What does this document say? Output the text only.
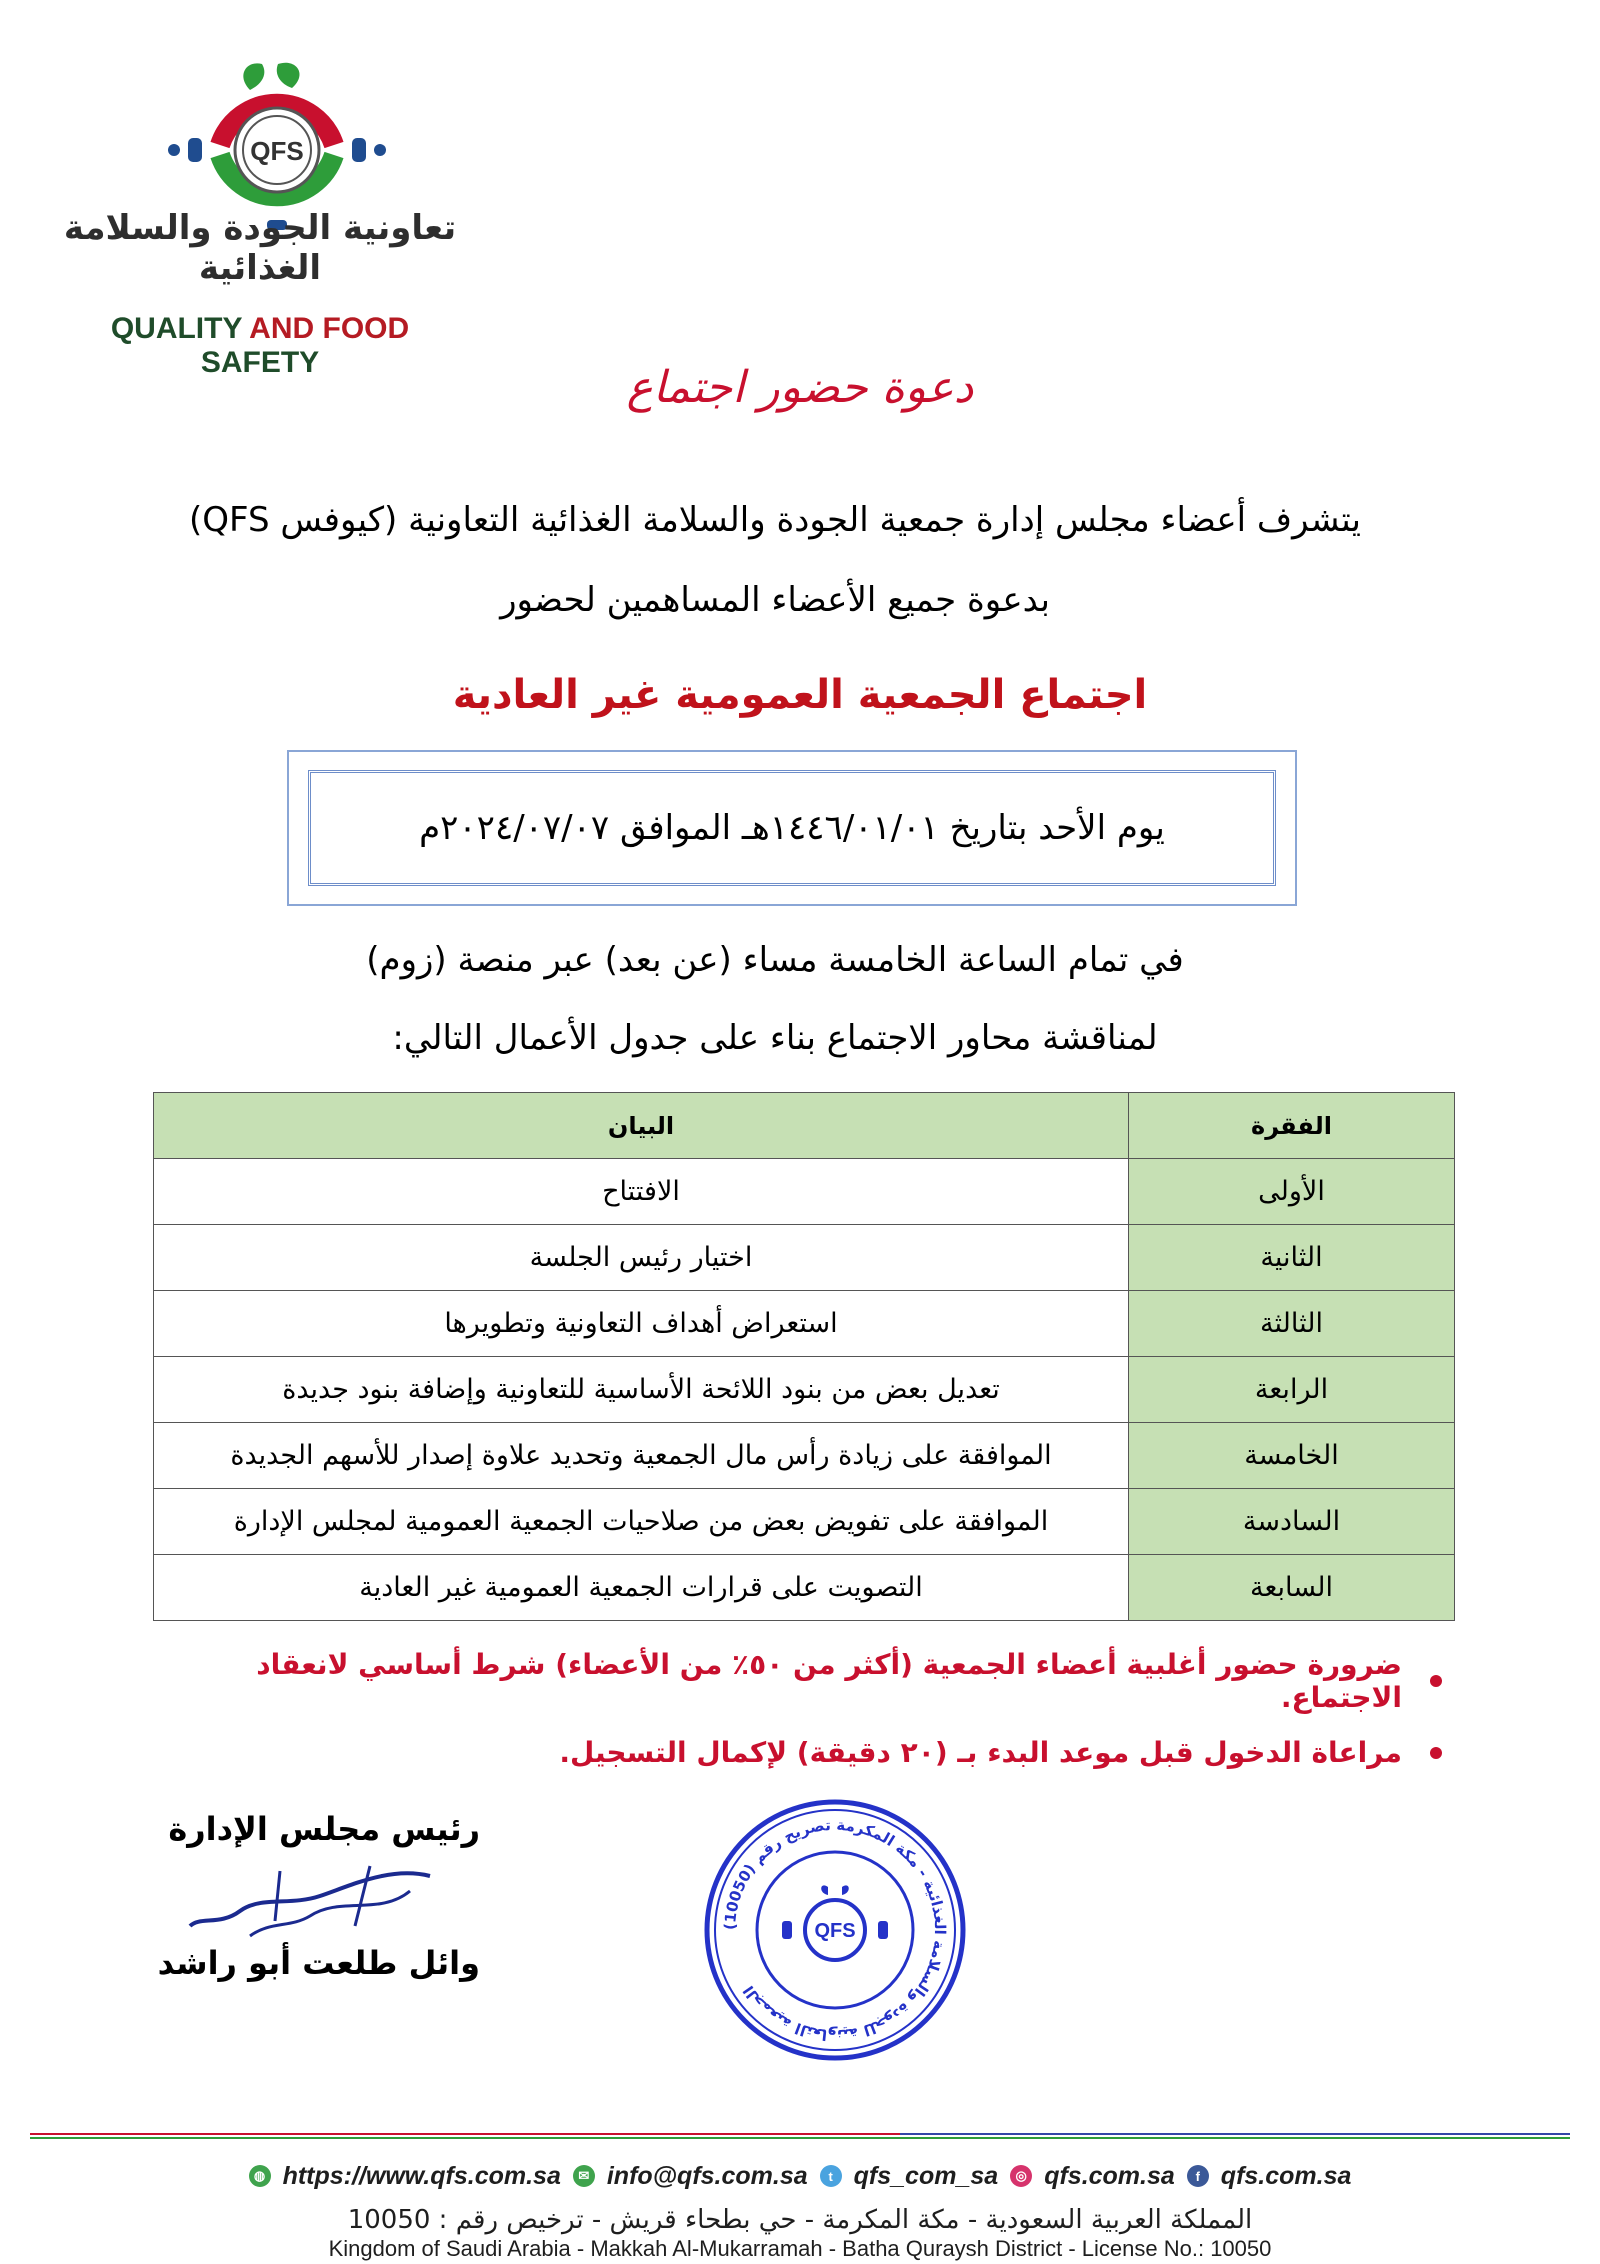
QFS
تعاونية الجودة والسلامة الغذائية
QUALITY AND FOOD SAFETY	دعوة حضور اجتماع
يتشرف أعضاء مجلس إدارة جمعية الجودة والسلامة الغذائية التعاونية (كيوفس QFS)
بدعوة جميع الأعضاء المساهمين لحضور
اجتماع الجمعية العمومية غير العادية
يوم الأحد بتاريخ ١٤٤٦/٠١/٠١هـ الموافق ٢٠٢٤/٠٧/٠٧م
في تمام الساعة الخامسة مساء (عن بعد) عبر منصة (زوم)
لمناقشة محاور الاجتماع بناء على جدول الأعمال التالي:
الفقرة	البيان
الأولى	الافتتاح
الثانية	اختيار رئيس الجلسة
الثالثة	استعراض أهداف التعاونية وتطويرها
الرابعة	تعديل بعض من بنود اللائحة الأساسية للتعاونية وإضافة بنود جديدة
الخامسة	الموافقة على زيادة رأس مال الجمعية وتحديد علاوة إصدار للأسهم الجديدة
السادسة	الموافقة على تفويض بعض من صلاحيات الجمعية العمومية لمجلس الإدارة
السابعة	التصويت على قرارات الجمعية العمومية غير العادية
ضرورة حضور أغلبية أعضاء الجمعية (أكثر من ٥٠٪ من الأعضاء) شرط أساسي لانعقاد الاجتماع.
مراعاة الدخول قبل موعد البدء بـ (٢٠ دقيقة) لإكمال التسجيل.
رئيس مجلس الإدارة
وائل طلعت أبو راشد
الجمعية التعاونية للجودة والسلامة الغذائية - مكة المكرمة تصريح رقم (10050)
QFS
◍ https://www.qfs.com.sa	✉ info@qfs.com.sa	t qfs_com_sa	◎ qfs.com.sa	f qfs.com.sa
المملكة العربية السعودية - مكة المكرمة - حي بطحاء قريش - ترخيص رقم : 10050
Kingdom of Saudi Arabia - Makkah Al-Mukarramah - Batha Quraysh District - License No.: 10050
